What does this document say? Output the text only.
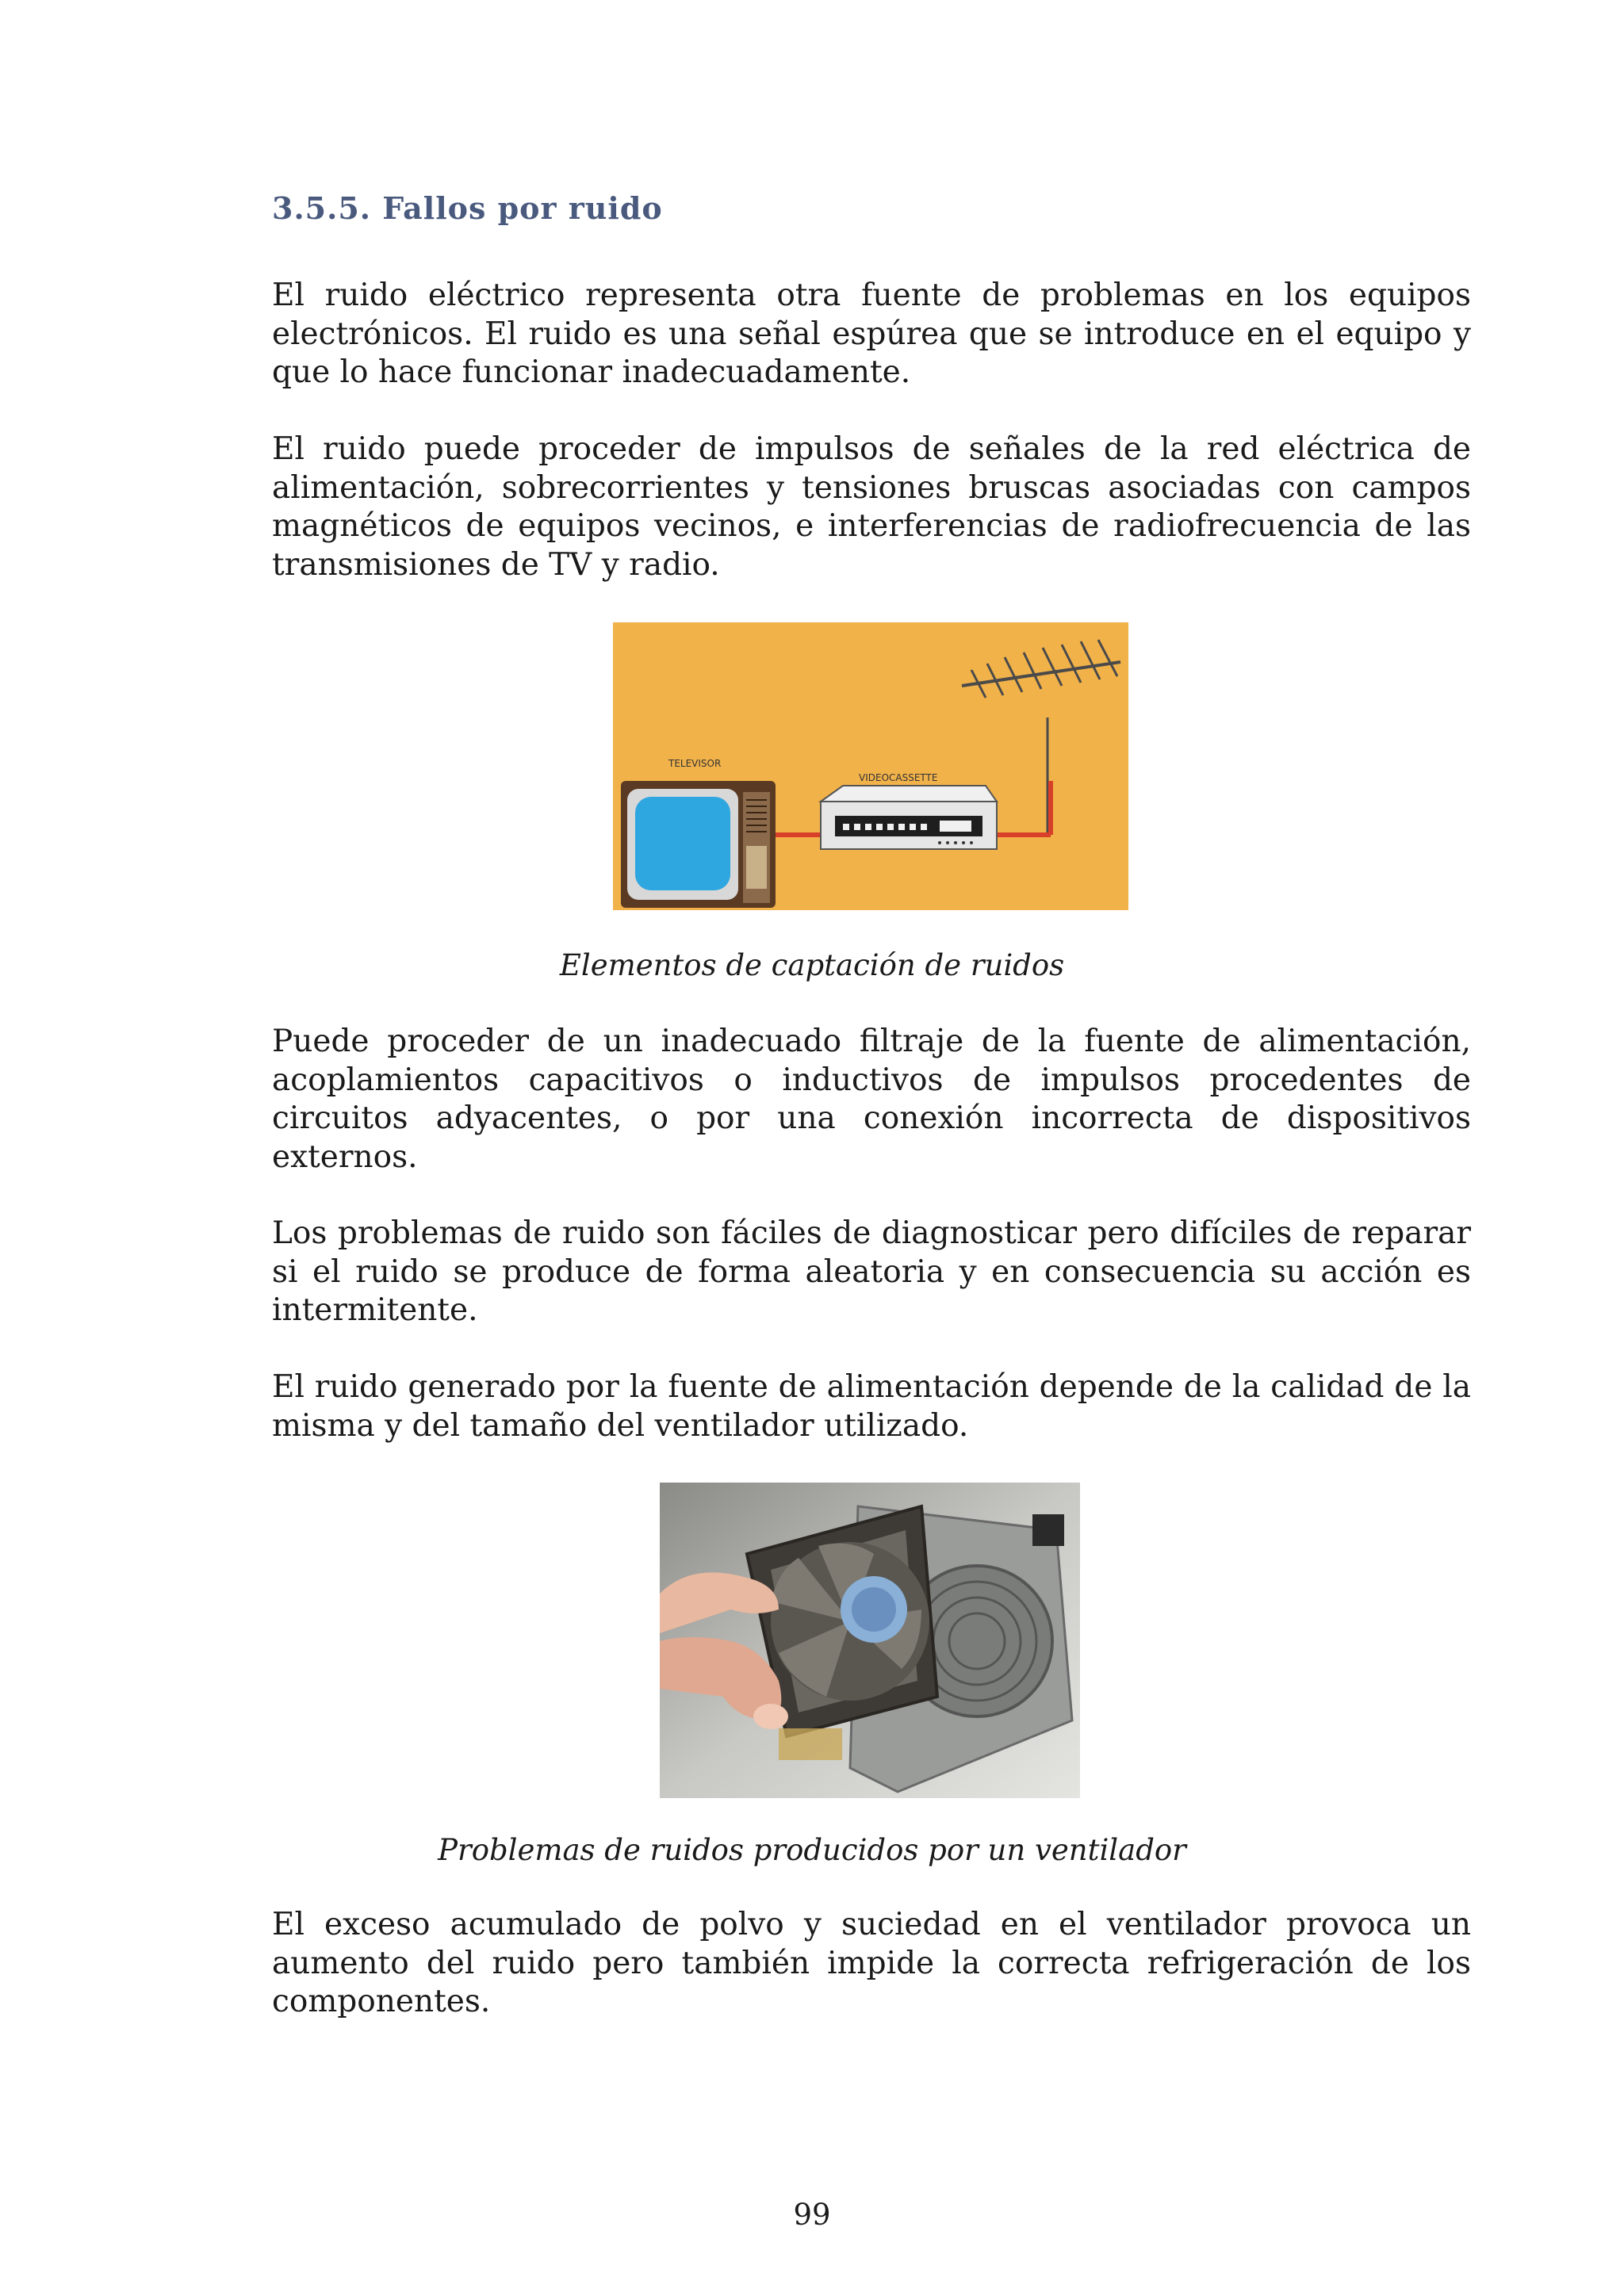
3.5.5. Fallos por ruido

El ruido eléctrico representa otra fuente de problemas en los equipos electrónicos. El ruido es una señal espúrea que se introduce en el equipo y que lo hace funcionar inadecuadamente.

El ruido puede proceder de impulsos de señales de la red eléctrica de alimentación, sobrecorrientes y tensiones bruscas asociadas con campos magnéticos de equipos vecinos, e interferencias de radiofrecuencia de las transmisiones de TV y radio.

TELEVISOR
VIDEOCASSETTE
Elementos de captación de ruidos

Puede proceder de un inadecuado filtraje de la fuente de alimentación, acoplamientos capacitivos o inductivos de impulsos procedentes de circuitos adyacentes, o por una conexión incorrecta de dispositivos externos.

Los problemas de ruido son fáciles de diagnosticar pero difíciles de reparar si el ruido se produce de forma aleatoria y en consecuencia su acción es intermitente.

El ruido generado por la fuente de alimentación depende de la calidad de la misma y del tamaño del ventilador utilizado.

Problemas de ruidos producidos por un ventilador

El exceso acumulado de polvo y suciedad en el ventilador provoca un aumento del ruido pero también impide la correcta refrigeración de los componentes.

99
